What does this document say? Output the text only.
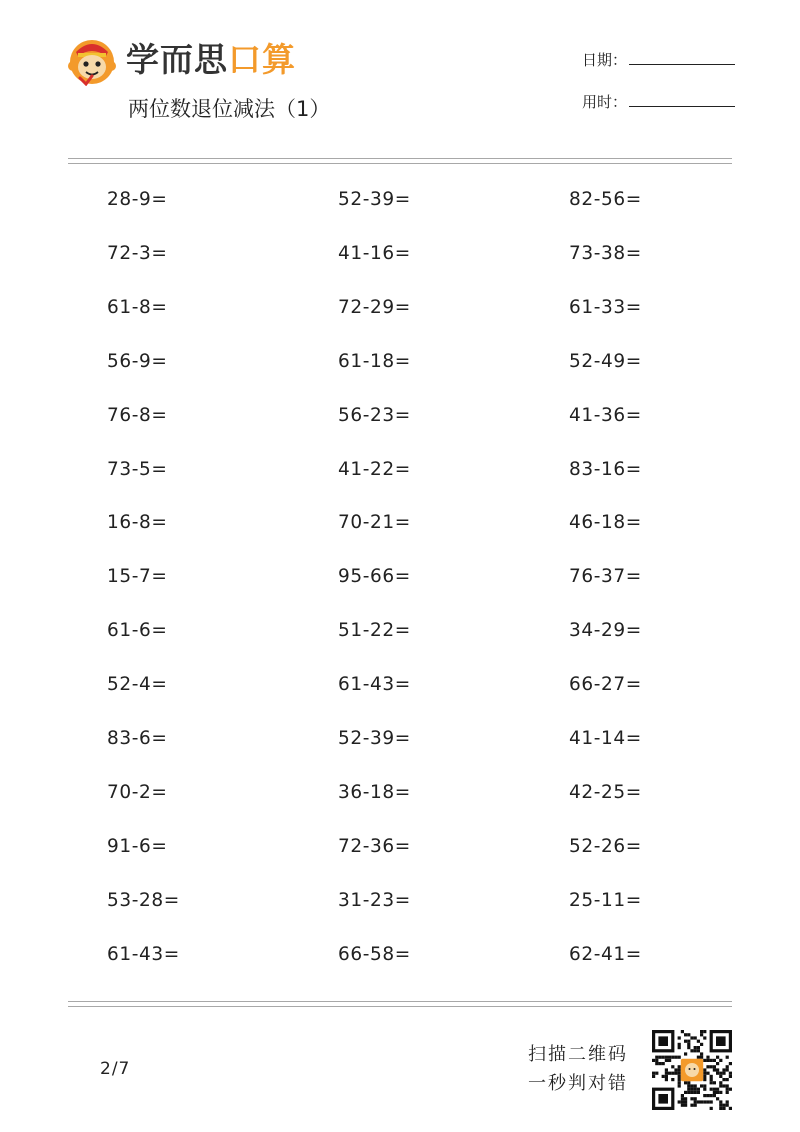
学而思口算
两位数退位减法（1）
日期：
用时：
28-9=
72-3=
61-8=
56-9=
76-8=
73-5=
16-8=
15-7=
61-6=
52-4=
83-6=
70-2=
91-6=
53-28=
61-43=
52-39=
41-16=
72-29=
61-18=
56-23=
41-22=
70-21=
95-66=
51-22=
61-43=
52-39=
36-18=
72-36=
31-23=
66-58=
82-56=
73-38=
61-33=
52-49=
41-36=
83-16=
46-18=
76-37=
34-29=
66-27=
41-14=
42-25=
52-26=
25-11=
62-41=
2/7
扫描二维码
一秒判对错
